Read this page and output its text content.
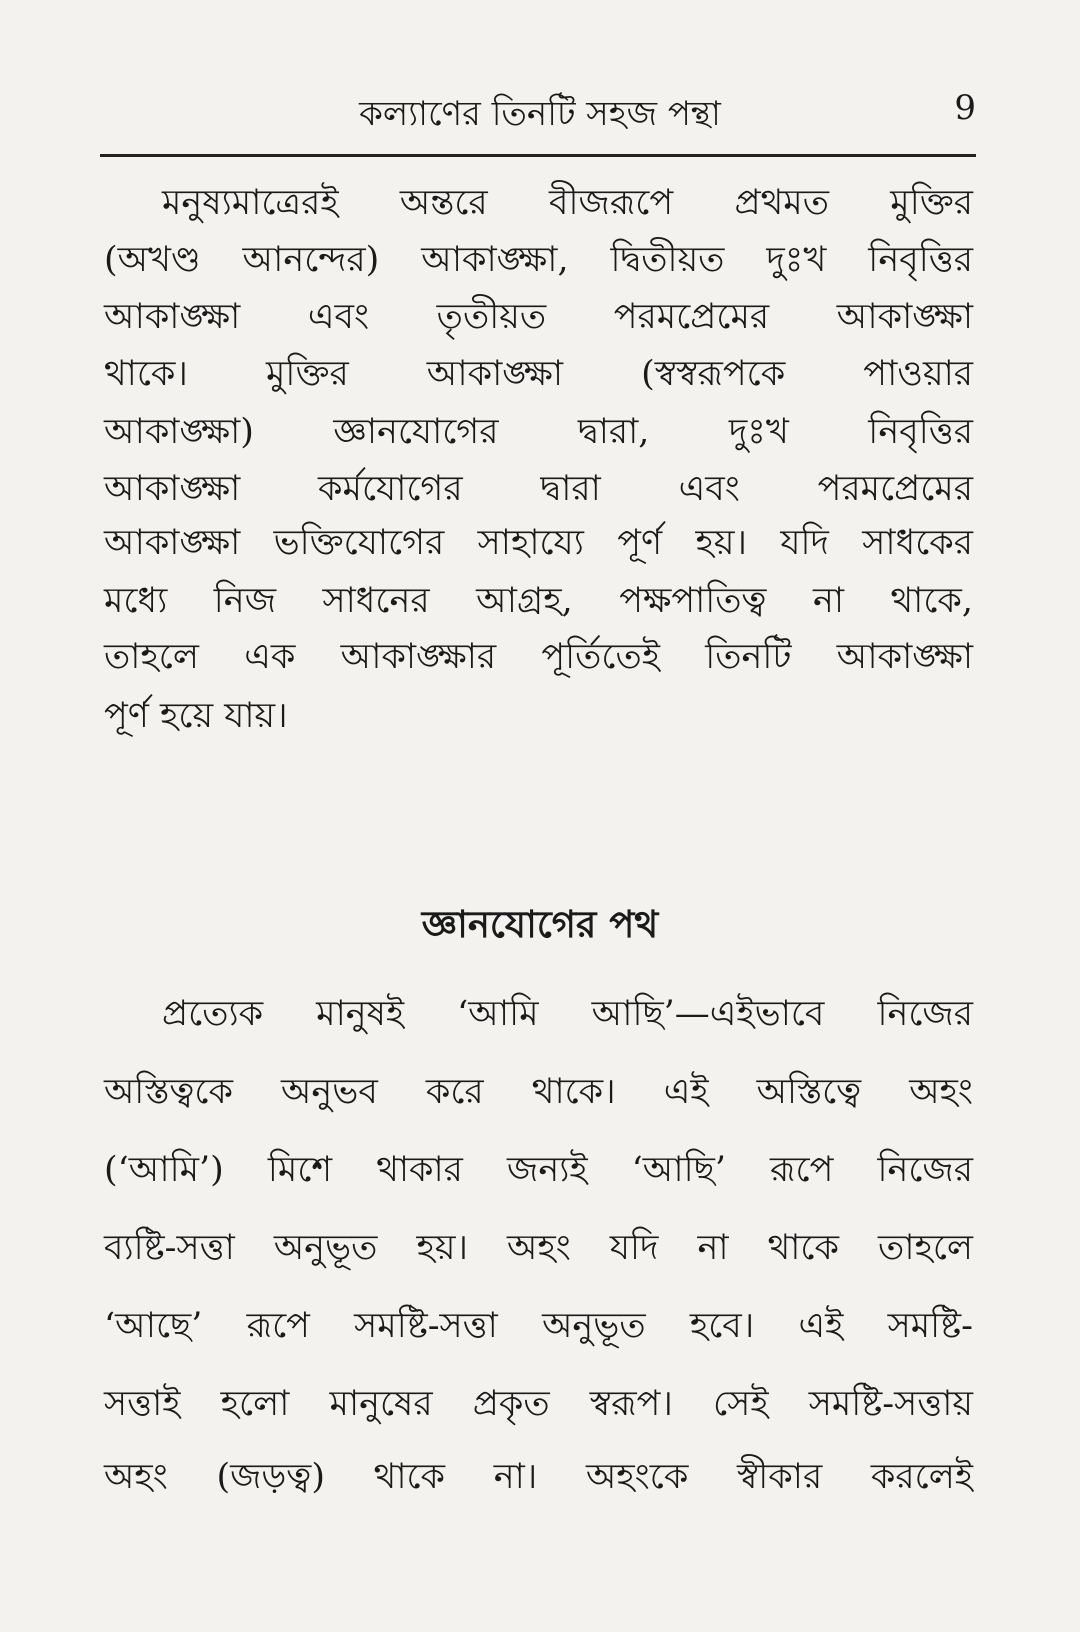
কল্যাণের তিনটি সহজ পন্থা	9
মনুষ্যমাত্রেরই অন্তরে বীজরূপে প্রথমত মুক্তির
(অখণ্ড আনন্দের) আকাঙ্ক্ষা, দ্বিতীয়ত দুঃখ নিবৃত্তির
আকাঙ্ক্ষা এবং তৃতীয়ত পরমপ্রেমের আকাঙ্ক্ষা
থাকে। মুক্তির আকাঙ্ক্ষা (স্বস্বরূপকে পাওয়ার
আকাঙ্ক্ষা) জ্ঞানযোগের দ্বারা, দুঃখ নিবৃত্তির
আকাঙ্ক্ষা কর্মযোগের দ্বারা এবং পরমপ্রেমের
আকাঙ্ক্ষা ভক্তিযোগের সাহায্যে পূর্ণ হয়। যদি সাধকের
মধ্যে নিজ সাধনের আগ্রহ, পক্ষপাতিত্ব না থাকে,
তাহলে এক আকাঙ্ক্ষার পূর্তিতেই তিনটি আকাঙ্ক্ষা
পূর্ণ হয়ে যায়।
জ্ঞানযোগের পথ
প্রত্যেক মানুষই ‘আমি আছি’—এইভাবে নিজের
অস্তিত্বকে অনুভব করে থাকে। এই অস্তিত্বে অহং
(‘আমি’) মিশে থাকার জন্যই ‘আছি’ রূপে নিজের
ব্যষ্টি-সত্তা অনুভূত হয়। অহং যদি না থাকে তাহলে
‘আছে’ রূপে সমষ্টি-সত্তা অনুভূত হবে। এই সমষ্টি-
সত্তাই হলো মানুষের প্রকৃত স্বরূপ। সেই সমষ্টি-সত্তায়
অহং (জড়ত্ব) থাকে না। অহংকে স্বীকার করলেই
